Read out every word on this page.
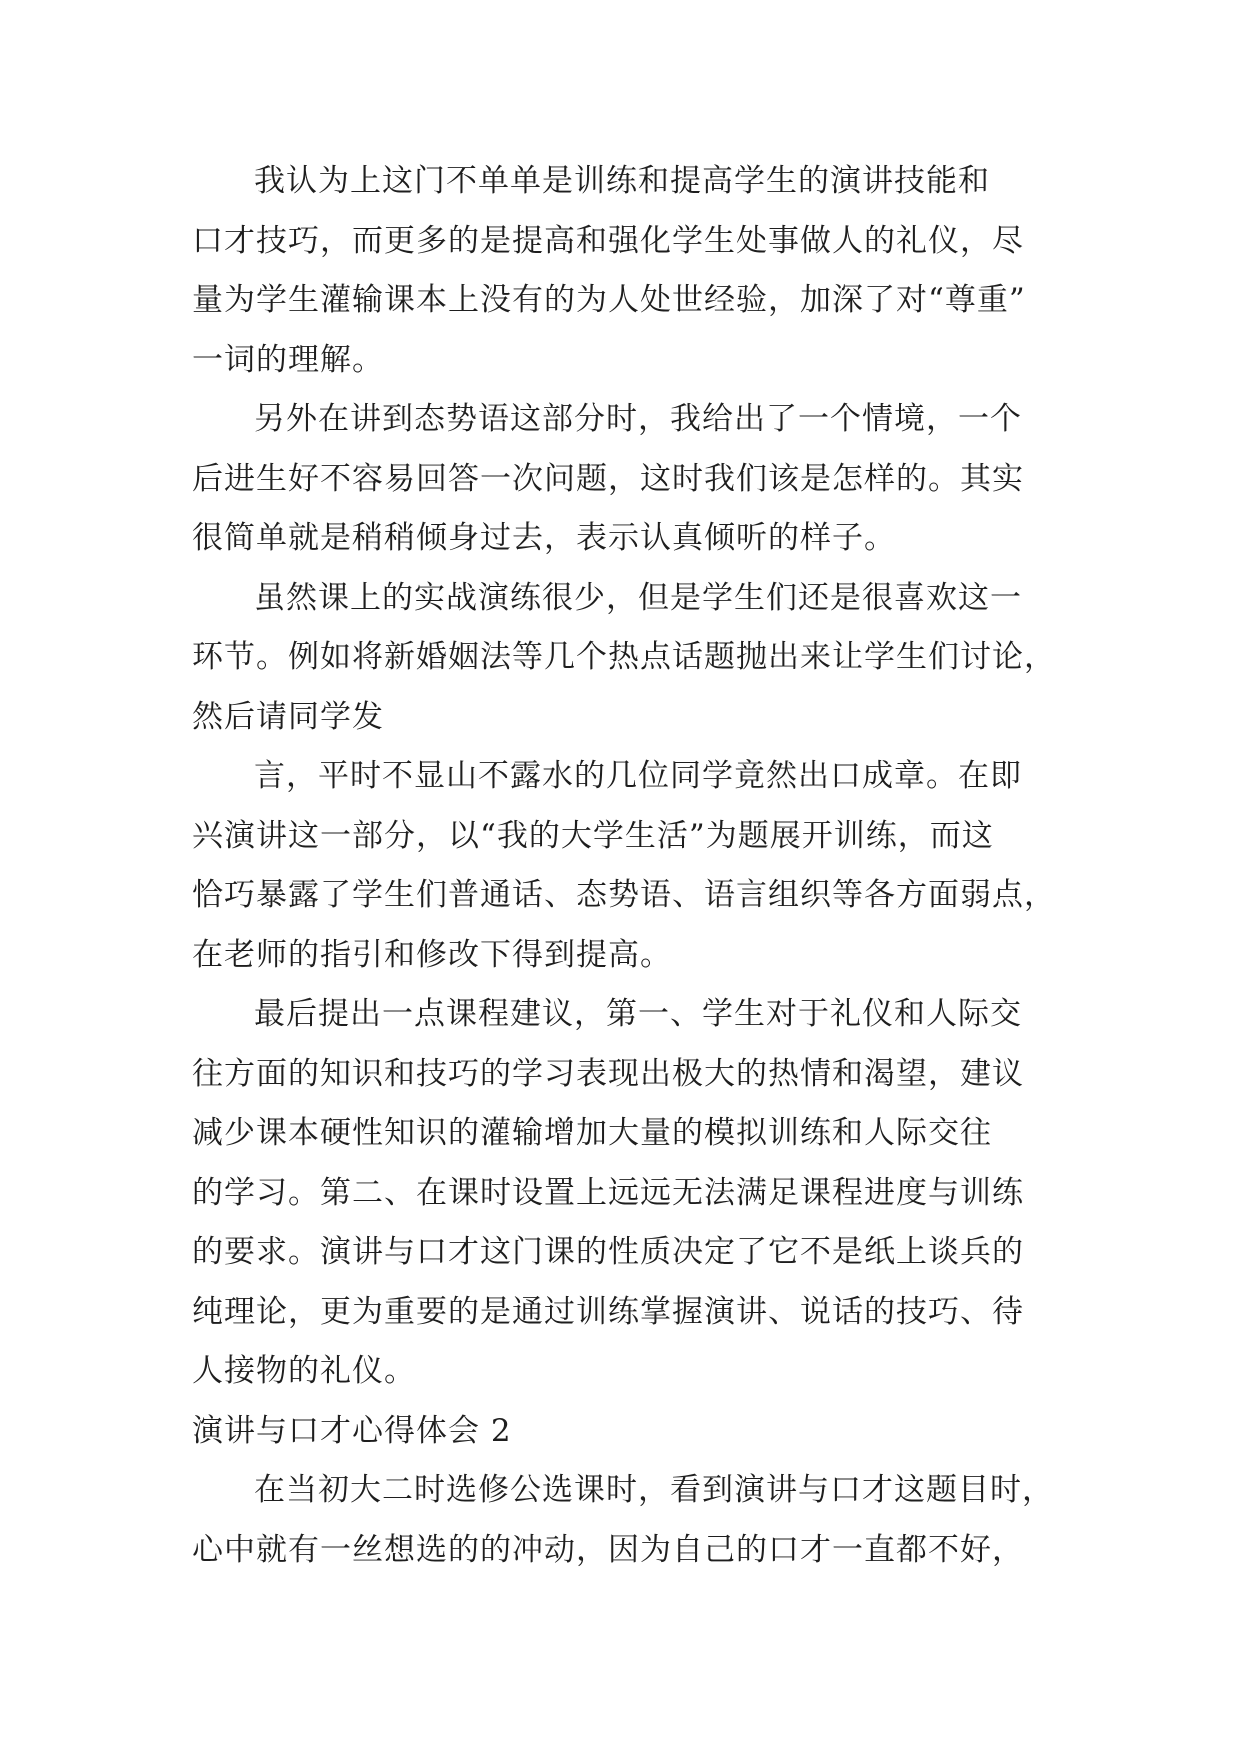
我认为上这门不单单是训练和提高学生的演讲技能和
口才技巧，而更多的是提高和强化学生处事做人的礼仪，尽
量为学生灌输课本上没有的为人处世经验，加深了对“尊重”
一词的理解。

另外在讲到态势语这部分时，我给出了一个情境，一个
后进生好不容易回答一次问题，这时我们该是怎样的。其实
很简单就是稍稍倾身过去，表示认真倾听的样子。

虽然课上的实战演练很少，但是学生们还是很喜欢这一
环节。例如将新婚姻法等几个热点话题抛出来让学生们讨论，
然后请同学发

言，平时不显山不露水的几位同学竟然出口成章。在即
兴演讲这一部分，以“我的大学生活”为题展开训练，而这
恰巧暴露了学生们普通话、态势语、语言组织等各方面弱点，
在老师的指引和修改下得到提高。

最后提出一点课程建议，第一、学生对于礼仪和人际交
往方面的知识和技巧的学习表现出极大的热情和渴望，建议
减少课本硬性知识的灌输增加大量的模拟训练和人际交往
的学习。第二、在课时设置上远远无法满足课程进度与训练
的要求。演讲与口才这门课的性质决定了它不是纸上谈兵的
纯理论，更为重要的是通过训练掌握演讲、说话的技巧、待
人接物的礼仪。

演讲与口才心得体会 2

在当初大二时选修公选课时，看到演讲与口才这题目时，
心中就有一丝想选的的冲动，因为自己的口才一直都不好，
